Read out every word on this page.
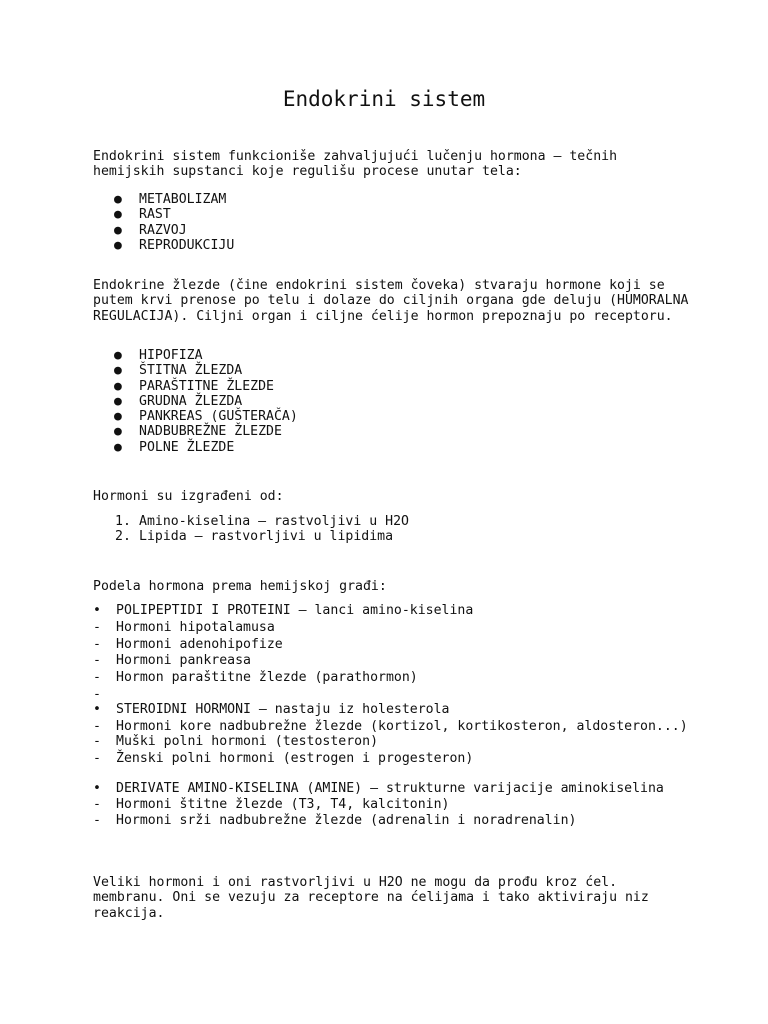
Endokrini sistem

Endokrini sistem funkcioniše zahvaljujući lučenju hormona – tečnih hemijskih supstanci koje regulišu procese unutar tela:

● METABOLIZAM
● RAST
● RAZVOJ
● REPRODUKCIJU

Endokrine žlezde (čine endokrini sistem čoveka) stvaraju hormone koji se putem krvi prenose po telu i dolaze do ciljnih organa gde deluju (HUMORALNA REGULACIJA). Ciljni organ i ciljne ćelije hormon prepoznaju po receptoru.

● HIPOFIZA
● ŠTITNA ŽLEZDA
● PARAŠTITNE ŽLEZDE
● GRUDNA ŽLEZDA
● PANKREAS (GUŠTERAČA)
● NADBUBREŽNE ŽLEZDE
● POLNE ŽLEZDE

Hormoni su izgrađeni od:

1. Amino-kiselina – rastvoljivi u H2O
2. Lipida – rastvorljivi u lipidima

Podela hormona prema hemijskoj građi:

• POLIPEPTIDI I PROTEINI – lanci amino-kiselina
- Hormoni hipotalamusa
- Hormoni adenohipofize
- Hormoni pankreasa
- Hormon paraštitne žlezde (parathormon)
-
• STEROIDNI HORMONI – nastaju iz holesterola
- Hormoni kore nadbubrežne žlezde (kortizol, kortikosteron, aldosteron...)
- Muški polni hormoni (testosteron)
- Ženski polni hormoni (estrogen i progesteron)
• DERIVATE AMINO-KISELINA (AMINE) – strukturne varijacije aminokiselina
- Hormoni štitne žlezde (T3, T4, kalcitonin)
- Hormoni srži nadbubrežne žlezde (adrenalin i noradrenalin)

Veliki hormoni i oni rastvorljivi u H2O ne mogu da prođu kroz ćel. membranu. Oni se vezuju za receptore na ćelijama i tako aktiviraju niz reakcija.
